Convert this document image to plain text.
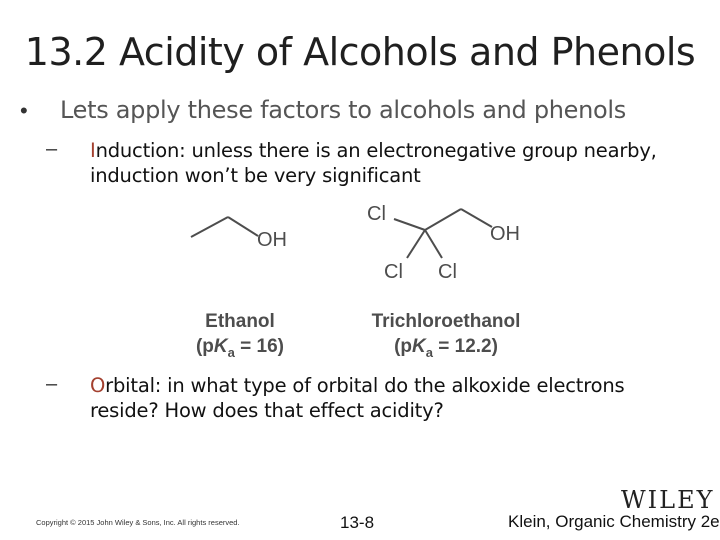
13.2 Acidity of Alcohols and Phenols
• Lets apply these factors to alcohols and phenols
– Induction: unless there is an electronegative group nearby,
induction won’t be very significant
OH
Cl
OH
Cl Cl
Ethanol
$(pK_a = 16)$
Trichloroethanol
$(pK_a = 12.2)$
– Orbital: in what type of orbital do the alkoxide electrons
reside? How does that effect acidity?
WILEY
Copyright © 2015 John Wiley & Sons, Inc. All rights reserved.	13-8	Klein, Organic Chemistry 2e
